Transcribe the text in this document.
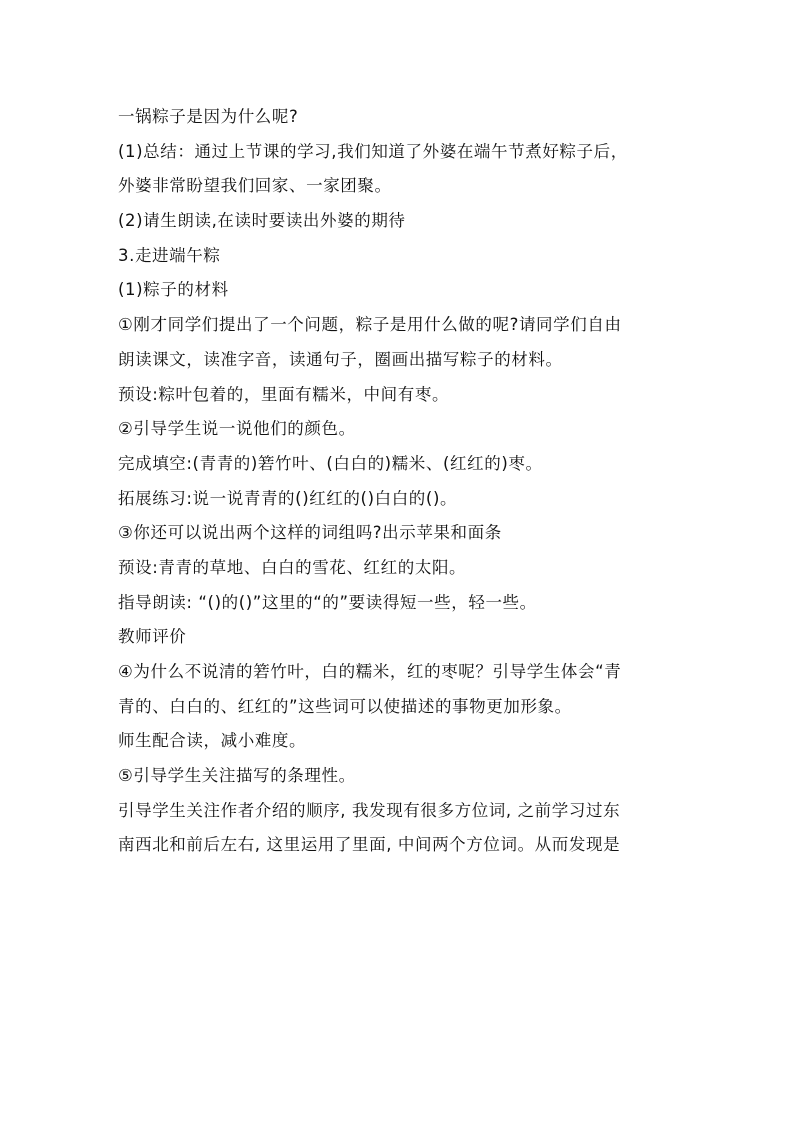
一锅粽子是因为什么呢?
(1)总结：通过上节课的学习,我们知道了外婆在端午节煮好粽子后，
外婆非常盼望我们回家、一家团聚。
(2)请生朗读,在读时要读出外婆的期待
3.走进端午粽
(1)粽子的材料
①刚才同学们提出了一个问题，粽子是用什么做的呢?请同学们自由
朗读课文，读准字音，读通句子，圈画出描写粽子的材料。
预设:粽叶包着的，里面有糯米，中间有枣。
②引导学生说一说他们的颜色。
完成填空:(青青的)箬竹叶、(白白的)糯米、(红红的)枣。
拓展练习:说一说青青的()红红的()白白的()。
③你还可以说出两个这样的词组吗?出示苹果和面条
预设:青青的草地、白白的雪花、红红的太阳。
指导朗读: “()的()”这里的“的”要读得短一些，轻一些。
教师评价
④为什么不说清的箬竹叶，白的糯米，红的枣呢？引导学生体会“青
青的、白白的、红红的”这些词可以使描述的事物更加形象。
师生配合读，减小难度。
⑤引导学生关注描写的条理性。
引导学生关注作者介绍的顺序, 我发现有很多方位词, 之前学习过东
南西北和前后左右, 这里运用了里面, 中间两个方位词。从而发现是
